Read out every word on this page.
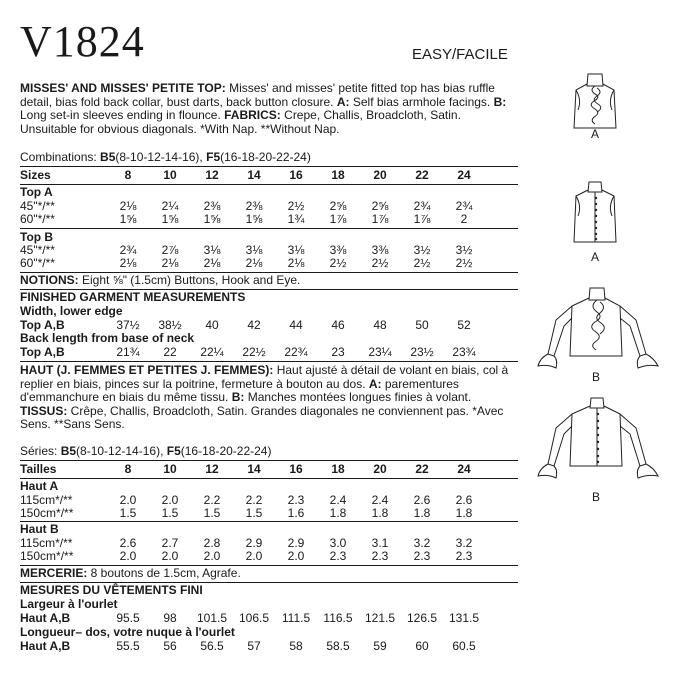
V1824	EASY/FACILE
MISSES' AND MISSES' PETITE TOP: Misses' and misses' petite fitted top has bias ruffle detail, bias fold back collar, bust darts, back button closure. A: Self bias armhole facings. B: Long set-in sleeves ending in flounce. FABRICS: Crepe, Challis, Broadcloth, Satin. Unsuitable for obvious diagonals. *With Nap. **Without Nap.
Combinations: B5(8-10-12-14-16), F5(16-18-20-22-24)
Sizes	8	10	12	14	16	18	20	22	24
Top A
45"*/**	2⅛	2¼	2⅜	2⅜	2½	2⅝	2⅝	2¾	2¾
60"*/**	1⅝	1⅝	1⅝	1⅝	1¾	1⅞	1⅞	1⅞	2
Top B
45"*/**	2¾	2⅞	3⅛	3⅛	3⅛	3⅜	3⅜	3½	3½
60"*/**	2⅛	2⅛	2⅛	2⅛	2⅛	2½	2½	2½	2½
NOTIONS: Eight ⅝" (1.5cm) Buttons, Hook and Eye.
FINISHED GARMENT MEASUREMENTS
Width, lower edge
Top A,B	37½	38½	40	42	44	46	48	50	52
Back length from base of neck
Top A,B	21¾	22	22¼	22½	22¾	23	23¼	23½	23¾
HAUT (J. FEMMES ET PETITES J. FEMMES): Haut ajusté à détail de volant en biais, col à replier en biais, pinces sur la poitrine, fermeture à bouton au dos. A: parementures d'emmanchure en biais du même tissu. B: Manches montées longues finies à volant. TISSUS: Crêpe, Challis, Broadcloth, Satin. Grandes diagonales ne conviennent pas. *Avec Sens. **Sans Sens.
Séries: B5(8-10-12-14-16), F5(16-18-20-22-24)
Tailles	8	10	12	14	16	18	20	22	24
Haut A
115cm*/**	2.0	2.0	2.2	2.2	2.3	2.4	2.4	2.6	2.6
150cm*/**	1.5	1.5	1.5	1.5	1.6	1.8	1.8	1.8	1.8
Haut B
115cm*/**	2.6	2.7	2.8	2.9	2.9	3.0	3.1	3.2	3.2
150cm*/**	2.0	2.0	2.0	2.0	2.0	2.3	2.3	2.3	2.3
MERCERIE: 8 boutons de 1.5cm, Agrafe.
MESURES DU VÊTEMENTS FINI
Largeur à l'ourlet
Haut A,B	95.5	98	101.5 106.5	111.5	116.5	121.5 126.5 131.5
Longueur– dos, votre nuque à l'ourlet
Haut A,B	55.5	56	56.5	57	58	58.5	59	60	60.5
A
A
B
B
